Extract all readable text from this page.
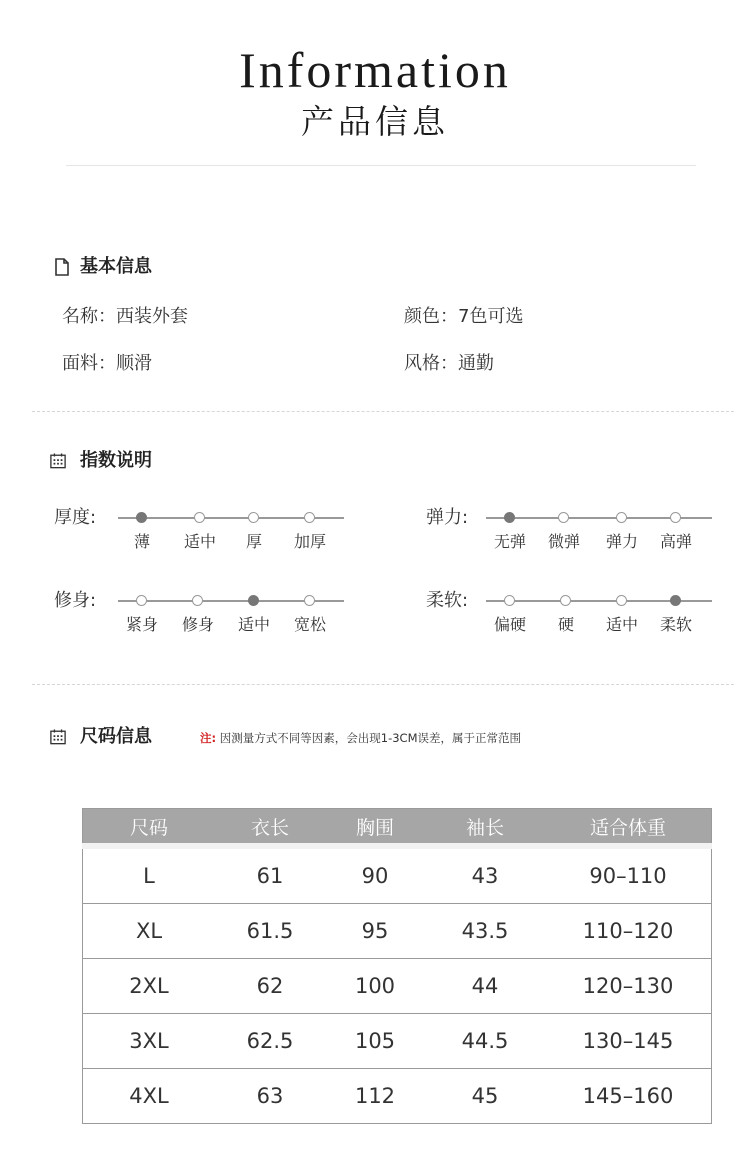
Information
产品信息
基本信息
名称：西装外套	颜色：7色可选
面料：顺滑	风格：通勤
指数说明
厚度:
薄	适中	厚	加厚
弹力:
无弹	微弹	弹力	高弹
修身:
紧身	修身	适中	宽松
柔软:
偏硬	硬	适中	柔软
尺码信息	注: 因测量方式不同等因素，会出现1-3CM误差，属于正常范围
尺码	衣长	胸围	袖长	适合体重
L	61	90	43	90–110
XL	61.5	95	43.5	110–120
2XL	62	100	44	120–130
3XL	62.5	105	44.5	130–145
4XL	63	112	45	145–160
